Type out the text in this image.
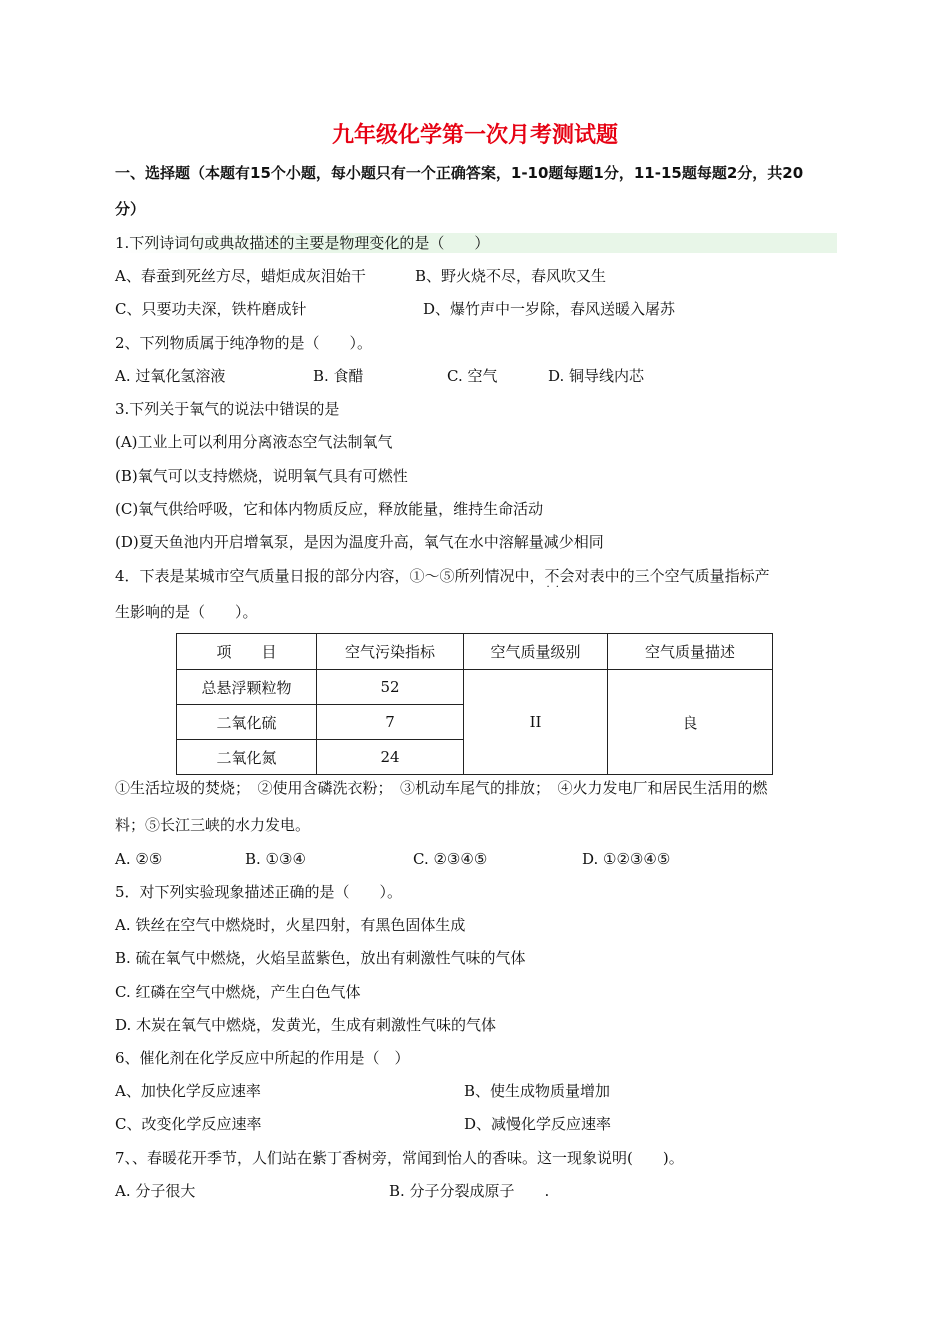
九年级化学第一次月考测试题
一、选择题（本题有15个小题，每小题只有一个正确答案，1-10题每题1分，11-15题每题2分，共20
分）
1.下列诗词句或典故描述的主要是物理变化的是（　　）
A、春蚕到死丝方尽，蜡炬成灰泪始干	B、野火烧不尽，春风吹又生
C、只要功夫深，铁杵磨成针	D、爆竹声中一岁除，春风送暖入屠苏
2、下列物质属于纯净物的是（　　）。
A. 过氧化氢溶液	B. 食醋	C. 空气	D. 铜导线内芯
3.下列关于氧气的说法中错误的是
(A)工业上可以利用分离液态空气法制氧气
(B)氧气可以支持燃烧，说明氧气具有可燃性
(C)氧气供给呼吸，它和体内物质反应，释放能量，维持生命活动
(D)夏天鱼池内开启增氧泵，是因为温度升高，氧气在水中溶解量减少相同
4．下表是某城市空气质量日报的部分内容，①～⑤所列情况中，不会
··
对表中的三个空气质量指标产
生影响的是（　　）。
项　　目	空气污染指标	空气质量级别	空气质量描述
总悬浮颗粒物	52	II	良
二氧化硫	7		
二氧化氮	24		
①生活垃圾的焚烧；　②使用含磷洗衣粉；　③机动车尾气的排放；　④火力发电厂和居民生活用的燃
料；⑤长江三峡的水力发电。
A. ②⑤	B. ①③④	C. ②③④⑤	D. ①②③④⑤
5．对下列实验现象描述正确的是（　　）。
A. 铁丝在空气中燃烧时，火星四射，有黑色固体生成
B. 硫在氧气中燃烧，火焰呈蓝紫色，放出有刺激性气味的气体
C. 红磷在空气中燃烧，产生白色气体
D. 木炭在氧气中燃烧，发黄光，生成有刺激性气味的气体
6、催化剂在化学反应中所起的作用是（　）
A、加快化学反应速率	B、使生成物质量增加
C、改变化学反应速率	D、减慢化学反应速率
7、、春暖花开季节，人们站在紫丁香树旁，常闻到怡人的香味。这一现象说明(　　)。
A. 分子很大	B. 分子分裂成原子　　.
